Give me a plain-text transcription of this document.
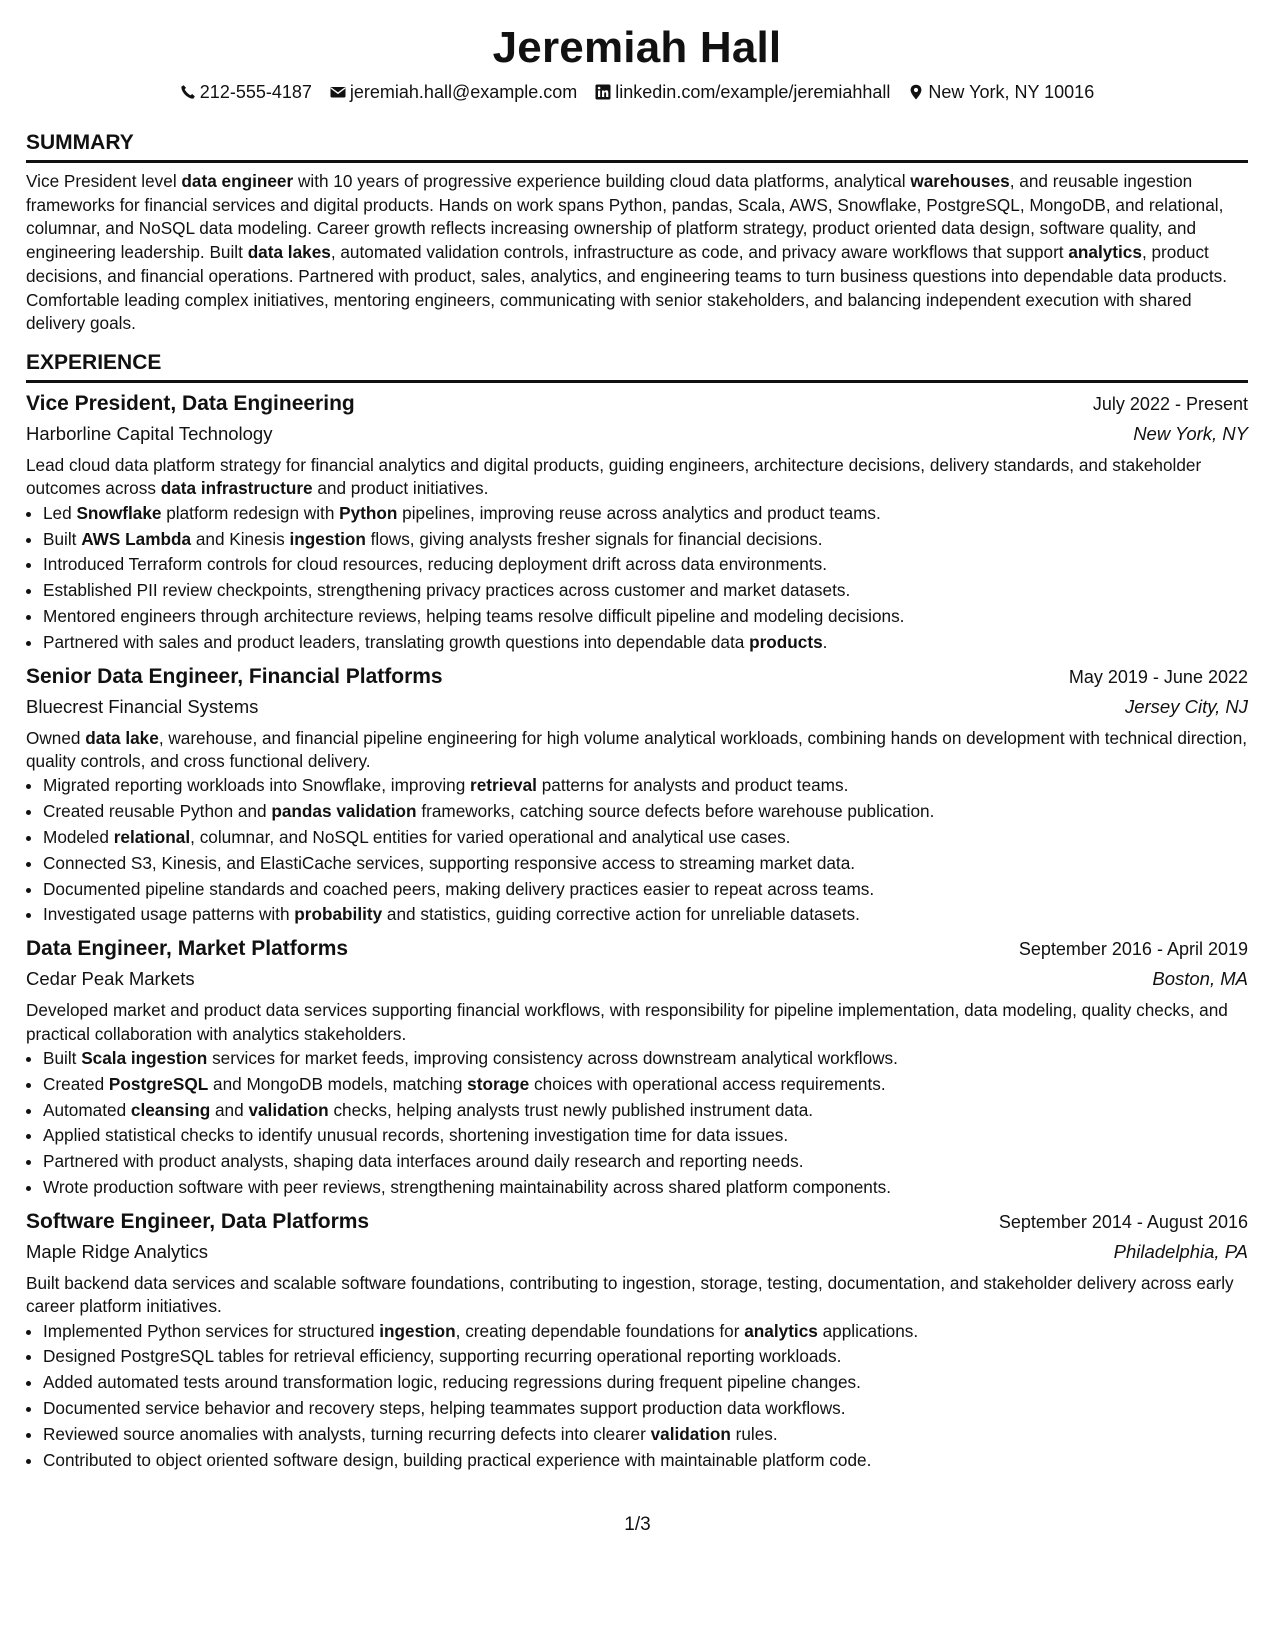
Jeremiah Hall
212-555-4187 jeremiah.hall@example.com linkedin.com/example/jeremiahhall New York, NY 10016
SUMMARY
Vice President level data engineer with 10 years of progressive experience building cloud data platforms, analytical warehouses, and reusable ingestion frameworks for financial services and digital products. Hands on work spans Python, pandas, Scala, AWS, Snowflake, PostgreSQL, MongoDB, and relational, columnar, and NoSQL data modeling. Career growth reflects increasing ownership of platform strategy, product oriented data design, software quality, and engineering leadership. Built data lakes, automated validation controls, infrastructure as code, and privacy aware workflows that support analytics, product decisions, and financial operations. Partnered with product, sales, analytics, and engineering teams to turn business questions into dependable data products. Comfortable leading complex initiatives, mentoring engineers, communicating with senior stakeholders, and balancing independent execution with shared delivery goals.
EXPERIENCE
Vice President, Data Engineering	July 2022 - Present
Harborline Capital Technology	New York, NY
Lead cloud data platform strategy for financial analytics and digital products, guiding engineers, architecture decisions, delivery standards, and stakeholder outcomes across data infrastructure and product initiatives.
• Led Snowflake platform redesign with Python pipelines, improving reuse across analytics and product teams.
• Built AWS Lambda and Kinesis ingestion flows, giving analysts fresher signals for financial decisions.
• Introduced Terraform controls for cloud resources, reducing deployment drift across data environments.
• Established PII review checkpoints, strengthening privacy practices across customer and market datasets.
• Mentored engineers through architecture reviews, helping teams resolve difficult pipeline and modeling decisions.
• Partnered with sales and product leaders, translating growth questions into dependable data products.
Senior Data Engineer, Financial Platforms	May 2019 - June 2022
Bluecrest Financial Systems	Jersey City, NJ
Owned data lake, warehouse, and financial pipeline engineering for high volume analytical workloads, combining hands on development with technical direction, quality controls, and cross functional delivery.
• Migrated reporting workloads into Snowflake, improving retrieval patterns for analysts and product teams.
• Created reusable Python and pandas validation frameworks, catching source defects before warehouse publication.
• Modeled relational, columnar, and NoSQL entities for varied operational and analytical use cases.
• Connected S3, Kinesis, and ElastiCache services, supporting responsive access to streaming market data.
• Documented pipeline standards and coached peers, making delivery practices easier to repeat across teams.
• Investigated usage patterns with probability and statistics, guiding corrective action for unreliable datasets.
Data Engineer, Market Platforms	September 2016 - April 2019
Cedar Peak Markets	Boston, MA
Developed market and product data services supporting financial workflows, with responsibility for pipeline implementation, data modeling, quality checks, and practical collaboration with analytics stakeholders.
• Built Scala ingestion services for market feeds, improving consistency across downstream analytical workflows.
• Created PostgreSQL and MongoDB models, matching storage choices with operational access requirements.
• Automated cleansing and validation checks, helping analysts trust newly published instrument data.
• Applied statistical checks to identify unusual records, shortening investigation time for data issues.
• Partnered with product analysts, shaping data interfaces around daily research and reporting needs.
• Wrote production software with peer reviews, strengthening maintainability across shared platform components.
Software Engineer, Data Platforms	September 2014 - August 2016
Maple Ridge Analytics	Philadelphia, PA
Built backend data services and scalable software foundations, contributing to ingestion, storage, testing, documentation, and stakeholder delivery across early career platform initiatives.
• Implemented Python services for structured ingestion, creating dependable foundations for analytics applications.
• Designed PostgreSQL tables for retrieval efficiency, supporting recurring operational reporting workloads.
• Added automated tests around transformation logic, reducing regressions during frequent pipeline changes.
• Documented service behavior and recovery steps, helping teammates support production data workflows.
• Reviewed source anomalies with analysts, turning recurring defects into clearer validation rules.
• Contributed to object oriented software design, building practical experience with maintainable platform code.
1/3
